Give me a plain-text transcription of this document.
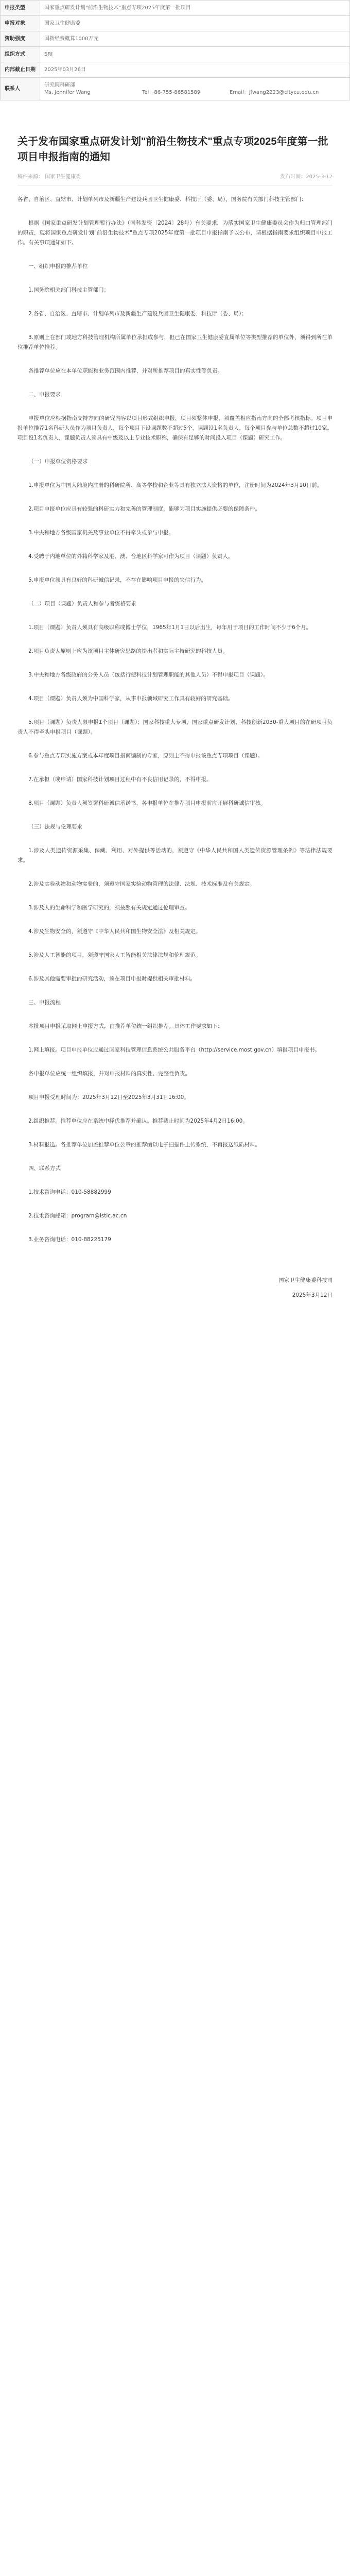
申报类型	国家重点研发计划"前沿生物技术"重点专项2025年度第一批项目
申报对象	国家卫生健康委
资助强度	国拨经费概算1000万元
组织方式	SRI
内部截止日期	2025年03月26日
联系人	研究院科研部
Ms. Jennifer Wang Tel：86-755-86581589 Email：jfwang2223@citycu.edu.cn
关于发布国家重点研发计划"前沿生物技术"重点专项2025年度第一批项目申报指南的通知
稿件来源： 国家卫生健康委	发布时间：2025-3-12

各省、自治区、直辖市、计划单列市及新疆生产建设兵团卫生健康委、科技厅（委、局），国务院有关部门科技主管部门：

根据《国家重点研发计划管理暂行办法》（国科发资〔2024〕28号）有关要求，为落实国家卫生健康委员会作为归口管理部门的职责，现将国家重点研发计划"前沿生物技术"重点专项2025年度第一批项目申报指南予以公布，请根据指南要求组织项目申报工作。有关事项通知如下。

一、组织申报的推荐单位

1.国务院相关部门科技主管部门；

2.各省、自治区、直辖市、计划单列市及新疆生产建设兵团卫生健康委、科技厅（委、局）；

3.原则上在部门或地方科技管理机构所属单位承担或参与，但已在国家卫生健康委直属单位等类型推荐的单位外，须得到所在单位推荐单位推荐。

各推荐单位应在本单位职能和业务范围内推荐，并对所推荐项目的真实性等负责。

二、申报要求

申报单位应根据指南支持方向的研究内容以项目形式组织申报，项目须整体申报，须覆盖相应指南方向的全部考核指标。项目申报单位推荐1名科研人员作为项目负责人，每个项目下设课题数不超过5个，课题设1名负责人，每个项目参与单位总数不超过10家。项目设1名负责人，课题负责人须具有中级及以上专业技术职称，确保有足够的时间投入项目（课题）研究工作。

（一）申报单位资格要求

1.申报单位为中国大陆境内注册的科研院所、高等学校和企业等具有独立法人资格的单位，注册时间为2024年3月10日前。

2.项目申报单位应具有较强的科研实力和完善的管理制度，能够为项目实施提供必要的保障条件。

3.中央和地方各级国家机关及事业单位不得牵头或参与申报。

4.受聘于内地单位的外籍科学家及港、澳、台地区科学家可作为项目（课题）负责人。

5.申报单位须具有良好的科研诚信记录，不存在影响项目申报的失信行为。

（二）项目（课题）负责人和参与者资格要求

1.项目（课题）负责人须具有高级职称或博士学位，1965年1月1日以后出生，每年用于项目的工作时间不少于6个月。

2.项目负责人原则上应为该项目主体研究思路的提出者和实际主持研究的科技人员。

3.中央和地方各级政府的公务人员（包括行使科技计划管理职能的其他人员）不得申报项目（课题）。

4.项目（课题）负责人须为中国科学家，从事申报领域研究工作具有较好的研究基础。

5.项目（课题）负责人限申报1个项目（课题）；国家科技重大专项、国家重点研发计划、科技创新2030-重大项目的在研项目负责人不得牵头申报项目（课题）。

6.参与重点专项实施方案或本年度项目指南编制的专家，原则上不得申报该重点专项项目（课题）。

7.在承担（或申请）国家科技计划项目过程中有不良信用记录的，不得申报。

8.项目（课题）负责人须签署科研诚信承诺书，各申报单位在推荐项目申报前应开展科研诚信审核。

（三）法规与伦理要求

1.涉及人类遗传资源采集、保藏、利用、对外提供等活动的，须遵守《中华人民共和国人类遗传资源管理条例》等法律法规要求。

2.涉及实验动物和动物实验的，须遵守国家实验动物管理的法律、法规、技术标准及有关规定。

3.涉及人的生命科学和医学研究的，须按照有关规定通过伦理审查。

4.涉及生物安全的，须遵守《中华人民共和国生物安全法》及相关规定。

5.涉及人工智能的项目，须遵守国家人工智能相关法律法规和伦理规范。

6.涉及其他需要审批的研究活动，须在项目申报时提供相关审批材料。

三、申报流程

本批项目申报采取网上申报方式，由推荐单位统一组织推荐。具体工作要求如下：

1.网上填报。项目申报单位应通过国家科技管理信息系统公共服务平台（http://service.most.gov.cn）填报项目申报书。

各申报单位应统一组织填报，并对申报材料的真实性、完整性负责。

项目申报受理时间为：2025年3月12日至2025年3月31日16:00。

2.组织推荐。推荐单位应在系统中择优推荐并确认。推荐截止时间为2025年4月2日16:00。

3.材料报送。各推荐单位加盖推荐单位公章的推荐函以电子扫描件上传系统，不再报送纸质材料。

四、联系方式

1.技术咨询电话：010-58882999

2.技术咨询邮箱：program@istic.ac.cn

3.业务咨询电话：010-88225179

国家卫生健康委科技司
2025年3月12日
